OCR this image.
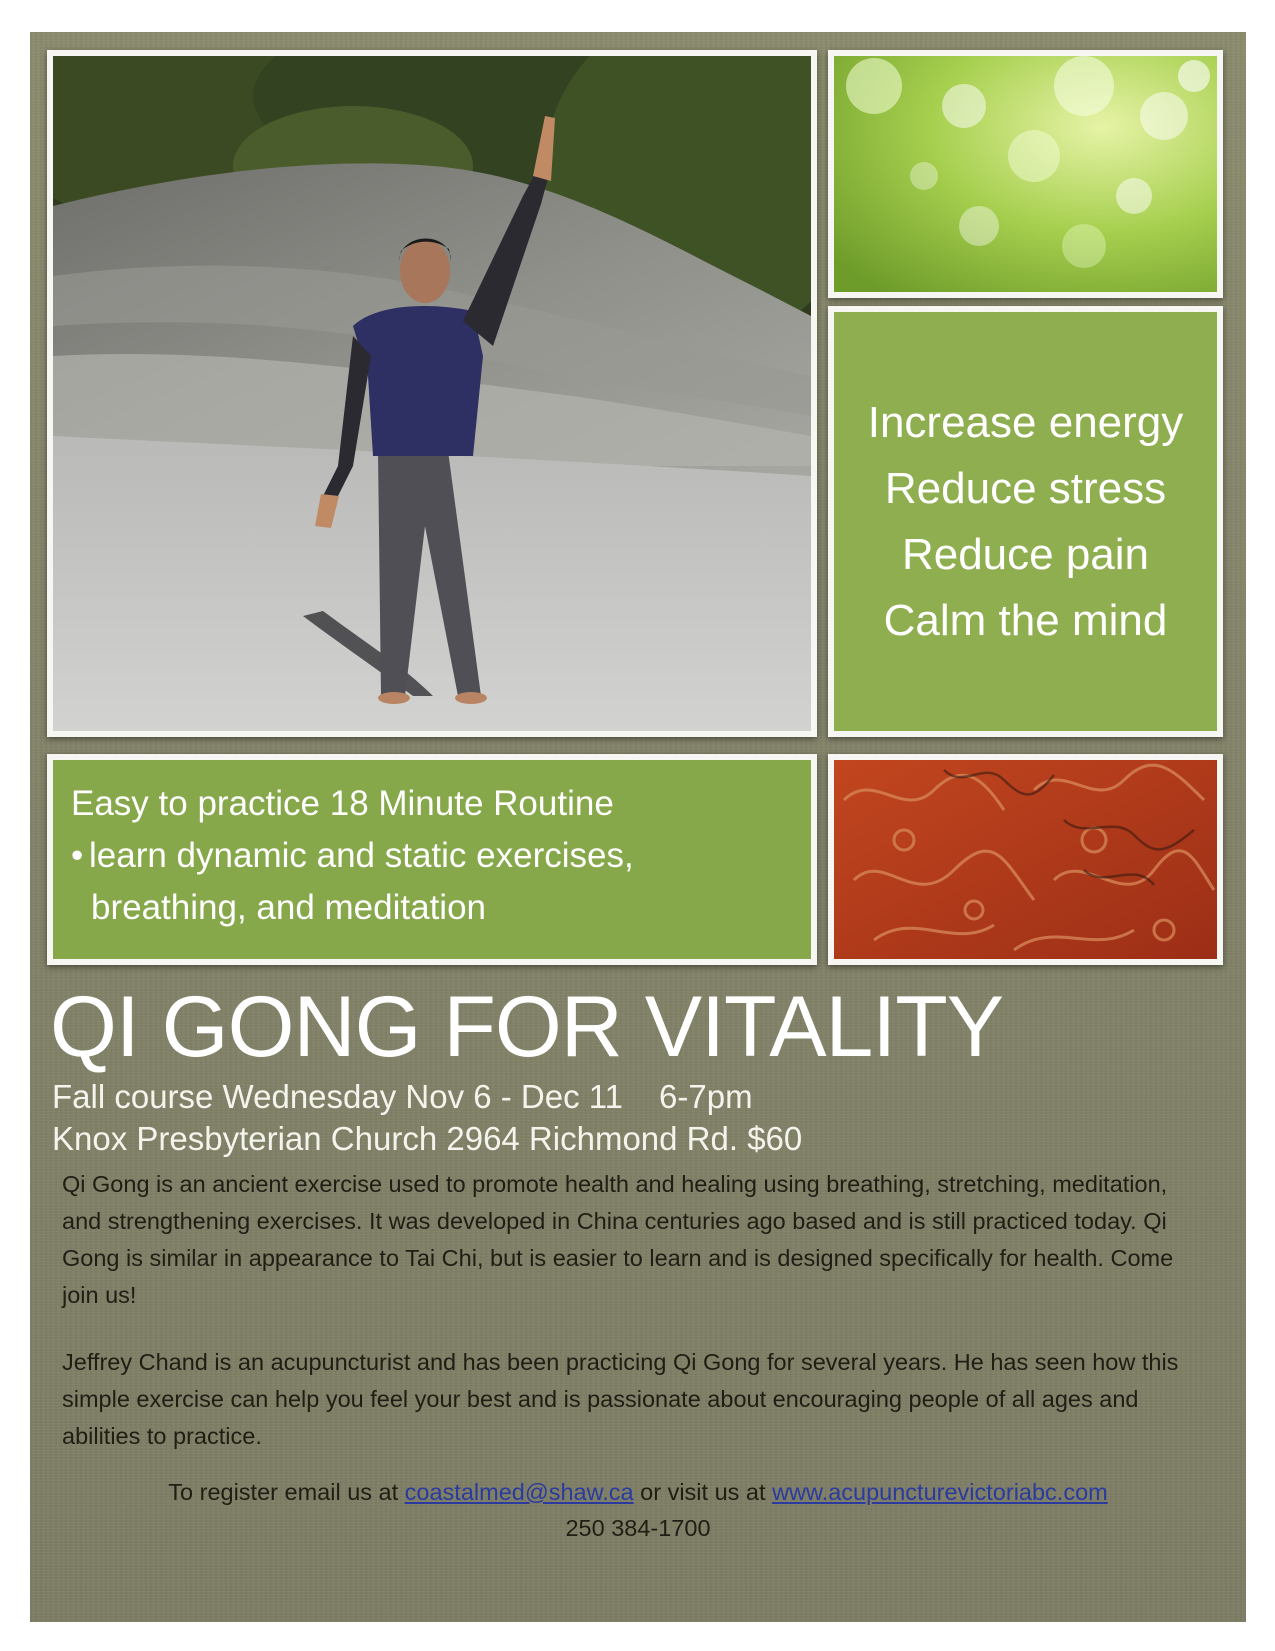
Increase energy
Reduce stress
Reduce pain
Calm the mind
Easy to practice 18 Minute Routine
• learn dynamic and static exercises,
breathing, and meditation
QI GONG FOR VITALITY
Fall course Wednesday Nov 6 - Dec 11 6-7pm
Knox Presbyterian Church 2964 Richmond Rd. $60
Qi Gong is an ancient exercise used to promote health and healing using breathing, stretching, meditation, and strengthening exercises. It was developed in China centuries ago based and is still practiced today. Qi Gong is similar in appearance to Tai Chi, but is easier to learn and is designed specifically for health. Come join us!
Jeffrey Chand is an acupuncturist and has been practicing Qi Gong for several years. He has seen how this simple exercise can help you feel your best and is passionate about encouraging people of all ages and abilities to practice.
To register email us at coastalmed@shaw.ca or visit us at www.acupuncturevictoriabc.com
250 384-1700
